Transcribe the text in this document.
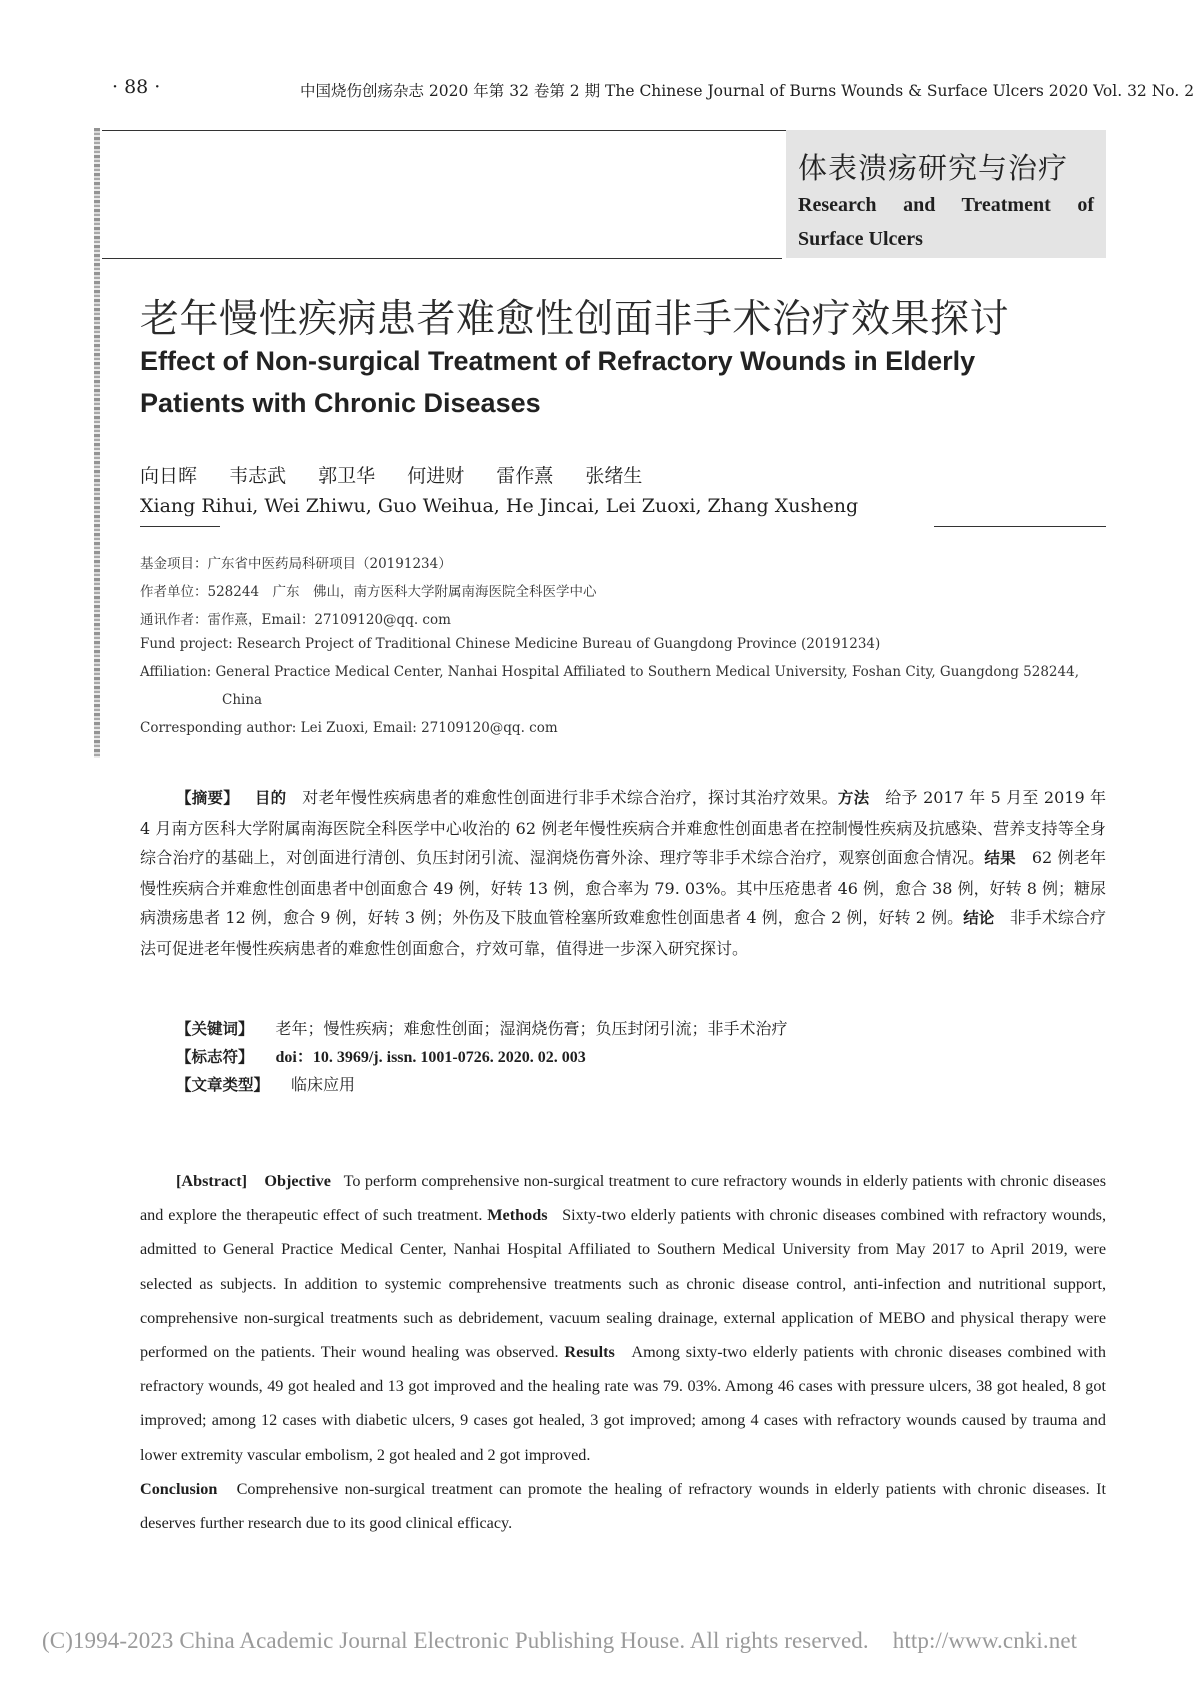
· 88 ·	中国烧伤创疡杂志 2020 年第 32 卷第 2 期 The Chinese Journal of Burns Wounds & Surface Ulcers 2020 Vol. 32 No. 2
体表溃疡研究与治疗
Research and Treatment of
Surface Ulcers
老年慢性疾病患者难愈性创面非手术治疗效果探讨
Effect of Non-surgical Treatment of Refractory Wounds in Elderly Patients with Chronic Diseases
向日晖 韦志武 郭卫华 何进财 雷作熹 张绪生
Xiang Rihui, Wei Zhiwu, Guo Weihua, He Jincai, Lei Zuoxi, Zhang Xusheng
基金项目：广东省中医药局科研项目（20191234）
作者单位：528244　广东　佛山，南方医科大学附属南海医院全科医学中心
通讯作者：雷作熹，Email：27109120@qq. com
Fund project: Research Project of Traditional Chinese Medicine Bureau of Guangdong Province (20191234)
Affiliation: General Practice Medical Center, Nanhai Hospital Affiliated to Southern Medical University, Foshan City, Guangdong 528244,
China
Corresponding author: Lei Zuoxi, Email: 27109120@qq. com

【摘要】 目的 对老年慢性疾病患者的难愈性创面进行非手术综合治疗，探讨其治疗效果。方法 给予 2017 年 5 月至 2019 年 4 月南方医科大学附属南海医院全科医学中心收治的 62 例老年慢性疾病合并难愈性创面患者在控制慢性疾病及抗感染、营养支持等全身综合治疗的基础上，对创面进行清创、负压封闭引流、湿润烧伤膏外涂、理疗等非手术综合治疗，观察创面愈合情况。结果 62 例老年慢性疾病合并难愈性创面患者中创面愈合 49 例，好转 13 例，愈合率为 79. 03%。其中压疮患者 46 例，愈合 38 例，好转 8 例；糖尿病溃疡患者 12 例，愈合 9 例，好转 3 例；外伤及下肢血管栓塞所致难愈性创面患者 4 例，愈合 2 例，好转 2 例。结论 非手术综合疗法可促进老年慢性疾病患者的难愈性创面愈合，疗效可靠，值得进一步深入研究探讨。

【关键词】 老年；慢性疾病；难愈性创面；湿润烧伤膏；负压封闭引流；非手术治疗
【标志符】 doi：10. 3969/j. issn. 1001-0726. 2020. 02. 003
【文章类型】 临床应用

[Abstract] Objective To perform comprehensive non-surgical treatment to cure refractory wounds in elderly patients with chronic diseases and explore the therapeutic effect of such treatment. Methods Sixty-two elderly patients with chronic diseases combined with refractory wounds, admitted to General Practice Medical Center, Nanhai Hospital Affiliated to Southern Medical University from May 2017 to April 2019, were selected as subjects. In addition to systemic comprehensive treatments such as chronic disease control, anti-infection and nutritional support, comprehensive non-surgical treatments such as debridement, vacuum sealing drainage, external application of MEBO and physical therapy were performed on the patients. Their wound healing was observed. Results Among sixty-two elderly patients with chronic diseases combined with refractory wounds, 49 got healed and 13 got improved and the healing rate was 79. 03%. Among 46 cases with pressure ulcers, 38 got healed, 8 got improved; among 12 cases with diabetic ulcers, 9 cases got healed, 3 got improved; among 4 cases with refractory wounds caused by trauma and lower extremity vascular embolism, 2 got healed and 2 got improved.
Conclusion Comprehensive non-surgical treatment can promote the healing of refractory wounds in elderly patients with chronic diseases. It deserves further research due to its good clinical efficacy.

(C)1994-2023 China Academic Journal Electronic Publishing House. All rights reserved. http://www.cnki.net
